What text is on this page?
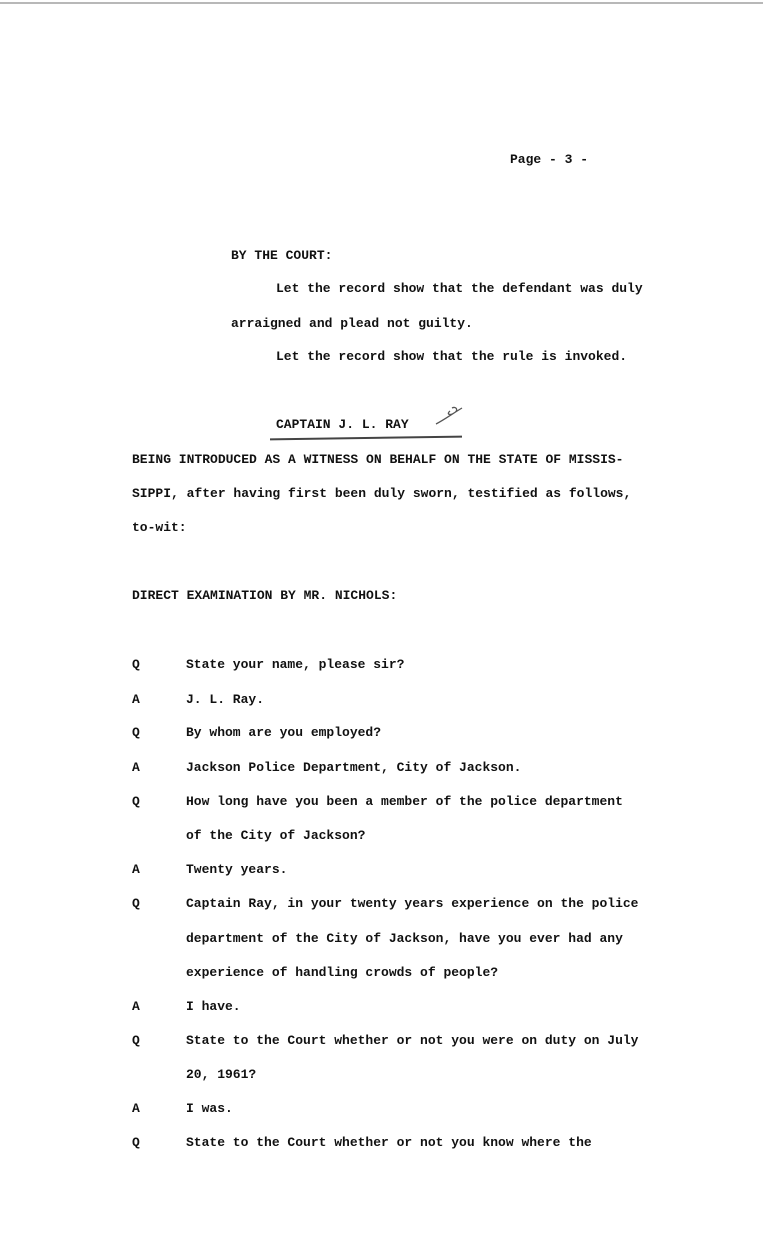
Page - 3 -
BY THE COURT:
Let the record show that the defendant was duly
arraigned and plead not guilty.
Let the record show that the rule is invoked.
CAPTAIN J. L. RAY
BEING INTRODUCED AS A WITNESS ON BEHALF ON THE STATE OF MISSIS-
SIPPI, after having first been duly sworn, testified as follows,
to-wit:
DIRECT EXAMINATION BY MR. NICHOLS:
Q	State your name, please sir?
A	J. L. Ray.
Q	By whom are you employed?
A	Jackson Police Department, City of Jackson.
Q	How long have you been a member of the police department
of the City of Jackson?
A	Twenty years.
Q	Captain Ray, in your twenty years experience on the police
department of the City of Jackson, have you ever had any
experience of handling crowds of people?
A	I have.
Q	State to the Court whether or not you were on duty on July
20, 1961?
A	I was.
Q	State to the Court whether or not you know where the
